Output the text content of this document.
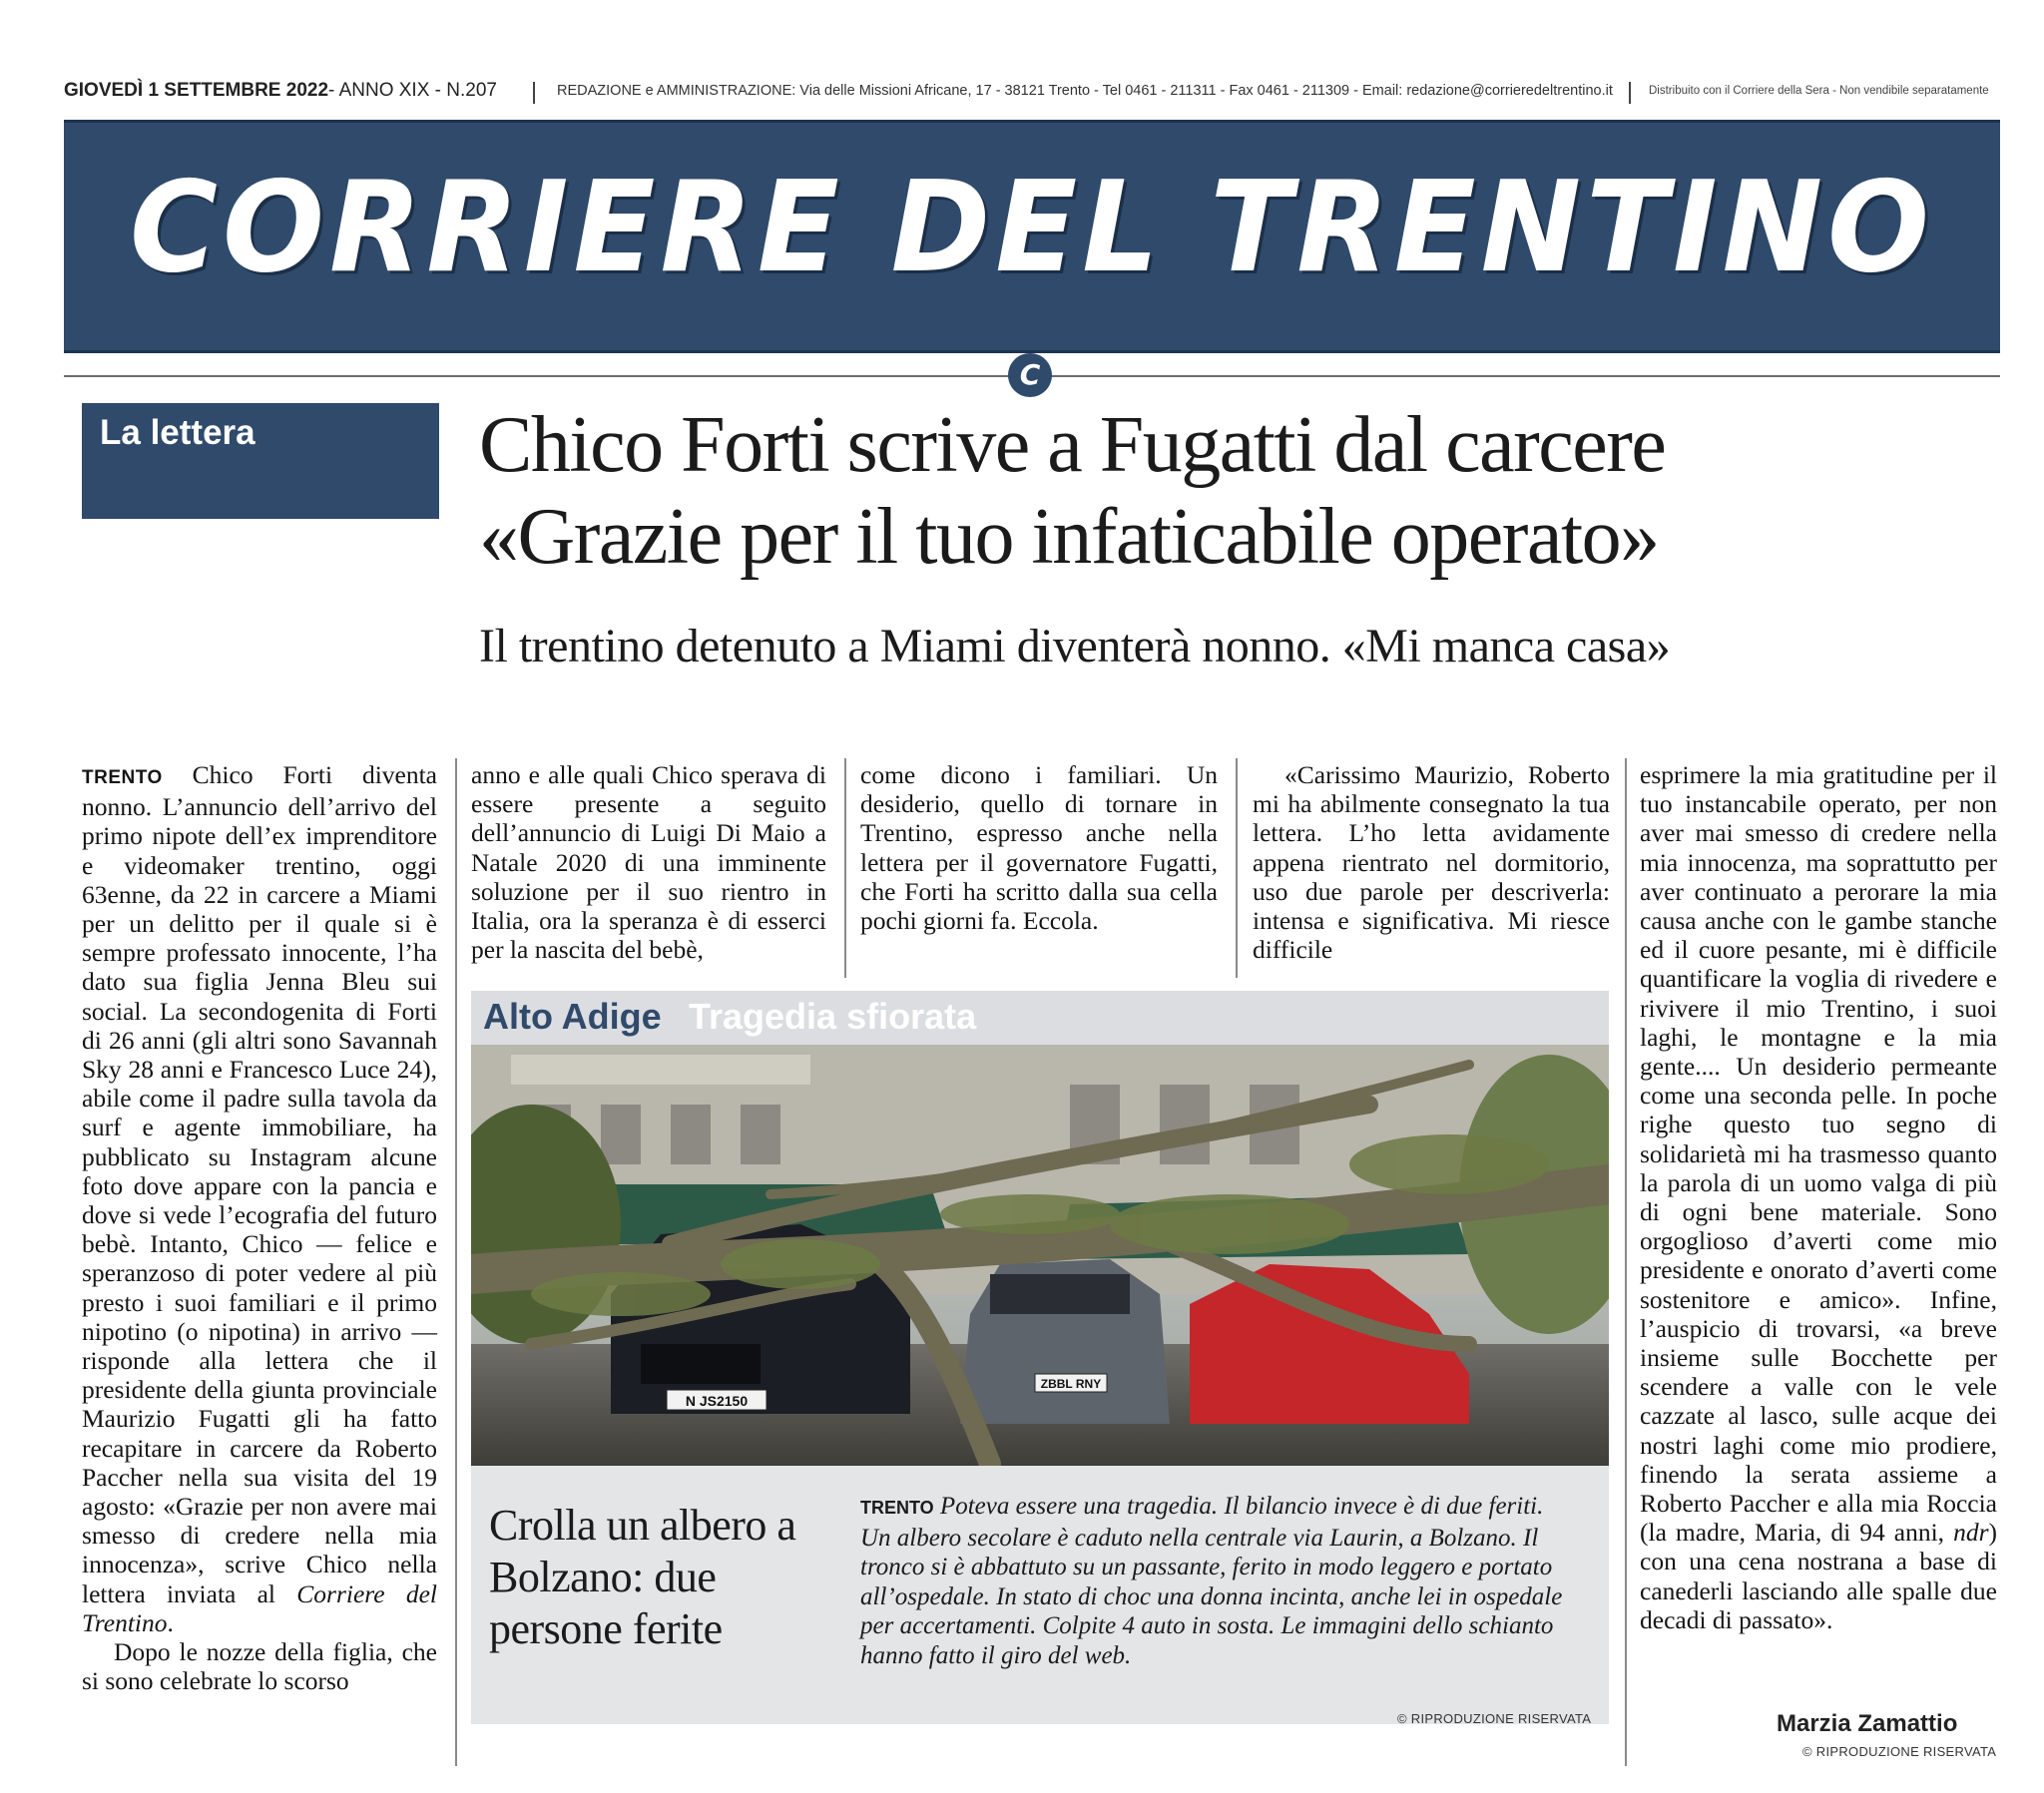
GIOVEDÌ 1 SETTEMBRE 2022- ANNO XIX - N.207	REDAZIONE e AMMINISTRAZIONE: Via delle Missioni Africane, 17 - 38121 Trento - Tel 0461 - 211311 - Fax 0461 - 211309 - Email: redazione@corrieredeltrentino.it	Distribuito con il Corriere della Sera - Non vendibile separatamente
CORRIERE DEL TRENTINO
C
La lettera	Chico Forti scrive a Fugatti dal carcere
«Grazie per il tuo infaticabile operato»
Il trentino detenuto a Miami diventerà nonno. «Mi manca casa»

TRENTO Chico Forti diventa nonno. L’annuncio dell’arrivo del primo nipote dell’ex imprenditore e videomaker trentino, oggi 63enne, da 22 in carcere a Miami per un delitto per il quale si è sempre professato innocente, l’ha dato sua figlia Jenna Bleu sui social. La secondogenita di Forti di 26 anni (gli altri sono Savannah Sky 28 anni e Francesco Luce 24), abile come il padre sulla tavola da surf e agente immobiliare, ha pubblicato su Instagram alcune foto dove appare con la pancia e dove si vede l’ecografia del futuro bebè. Intanto, Chico — felice e speranzoso di poter vedere al più presto i suoi familiari e il primo nipotino (o nipotina) in arrivo — risponde alla lettera che il presidente della giunta provinciale Maurizio Fugatti gli ha fatto recapitare in carcere da Roberto Paccher nella sua visita del 19 agosto: «Grazie per non avere mai smesso di credere nella mia innocenza», scrive Chico nella lettera inviata al Corriere del Trentino.

Dopo le nozze della figlia, che si sono celebrate lo scorso

anno e alle quali Chico sperava di essere presente a seguito dell’annuncio di Luigi Di Maio a Natale 2020 di una imminente soluzione per il suo rientro in Italia, ora la speranza è di esserci per la nascita del bebè,

come dicono i familiari. Un desiderio, quello di tornare in Trentino, espresso anche nella lettera per il governatore Fugatti, che Forti ha scritto dalla sua cella pochi giorni fa. Eccola.

«Carissimo Maurizio, Roberto mi ha abilmente consegnato la tua lettera. L’ho letta avidamente appena rientrato nel dormitorio, uso due parole per descriverla: intensa e significativa. Mi riesce difficile

esprimere la mia gratitudine per il tuo instancabile operato, per non aver mai smesso di credere nella mia innocenza, ma soprattutto per aver continuato a perorare la mia causa anche con le gambe stanche ed il cuore pesante, mi è difficile quantificare la voglia di rivedere e rivivere il mio Trentino, i suoi laghi, le montagne e la mia gente.... Un desiderio permeante come una seconda pelle. In poche righe questo tuo segno di solidarietà mi ha trasmesso quanto la parola di un uomo valga di più di ogni bene materiale. Sono orgoglioso d’averti come mio presidente e onorato d’averti come sostenitore e amico». Infine, l’auspicio di trovarsi, «a breve insieme sulle Bocchette per scendere a valle con le vele cazzate al lasco, sulle acque dei nostri laghi come mio prodiere, finendo la serata assieme a Roberto Paccher e alla mia Roccia (la madre, Maria, di 94 anni, ndr) con una cena nostrana a base di canederli lasciando alle spalle due decadi di passato».

Marzia Zamattio
© RIPRODUZIONE RISERVATA
Alto Adige Tragedia sfiorata
N JS2150
ZBBL RNY
Crolla un albero a Bolzano: due persone ferite
TRENTO Poteva essere una tragedia. Il bilancio invece è di due feriti. Un albero secolare è caduto nella centrale via Laurin, a Bolzano. Il tronco si è abbattuto su un passante, ferito in modo leggero e portato all’ospedale. In stato di choc una donna incinta, anche lei in ospedale per accertamenti. Colpite 4 auto in sosta. Le immagini dello schianto hanno fatto il giro del web.
© RIPRODUZIONE RISERVATA
